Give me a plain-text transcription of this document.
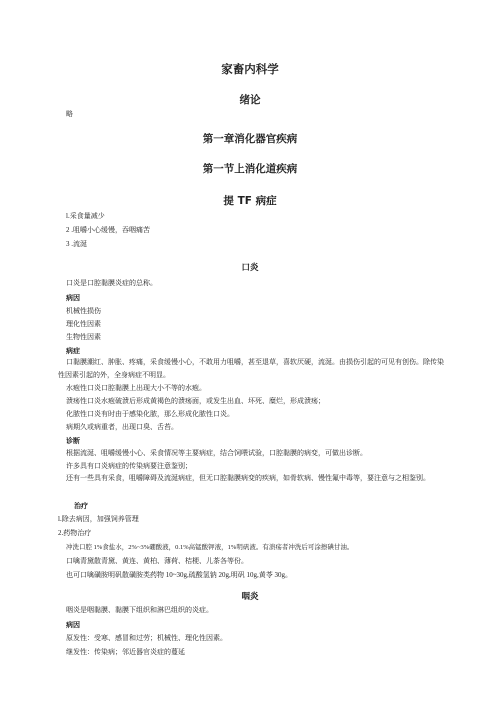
家畜内科学
绪论
略
第一章消化器官疾病
第一节上消化道疾病
提 TF 病症
l.采食量减少
2 .咀嚼小心缓慢，吞咽痛苦
3 .流涎
口炎
口炎是口腔黏膜炎症的总称。
病因
机械性损伤
理化性因素
生物性因素
病症
口黏膜潮红、肿胀、疼痛，采食缓慢小心，不敢用力咀嚼，甚至退草，喜软厌硬，流涎。由损伤引起的可见有创伤。除传染性因素引起的外，全身病症不明显。
水疱性口炎口腔黏膜上出现大小不等的水疱。
溃疡性口炎水疱破溃后形成黄褐色的溃疡面，或发生出血、坏死、糜烂，形成溃疡；
化脓性口炎有时由于感染化脓，那么形成化脓性口炎。
病期久或病重者，出现口臭、舌苔。
诊断
根据流涎、咀嚼缓慢小心、采食情况等主要病症，结合饲喂试验，口腔黏膜的病变，可做出诊断。
许多具有口炎病症的传染病要注意鉴别；
还有一些具有采食，咀嚼障碍及流涎病症，但无口腔黏膜病变的疾病，如骨软病、慢性氟中毒等，要注意与之相鉴别。
治疗
l.除去病因，加强饲养管理
2.药物治疗
冲洗口腔 1%食盐水，2%~3%硼酸液，0.1%高锰酸钾液，1%明矾液。有溃疡者冲洗后可涂擦碘甘油。
口噙青黛散青黛、黄连、黄柏、薄荷、桔梗、儿茶各等份。
也可口噙磺胺明矾散磺胺类药物 10~30g,硫酸氢钠 20g,明矾 10g,黄苓 30g。
咽炎
咽炎是咽黏膜、黏膜下组织和淋巴组织的炎症。
病因
原发性：受寒、感冒和过劳；机械性、理化性因素。
继发性：传染病；邻近器官炎症的蔓延
